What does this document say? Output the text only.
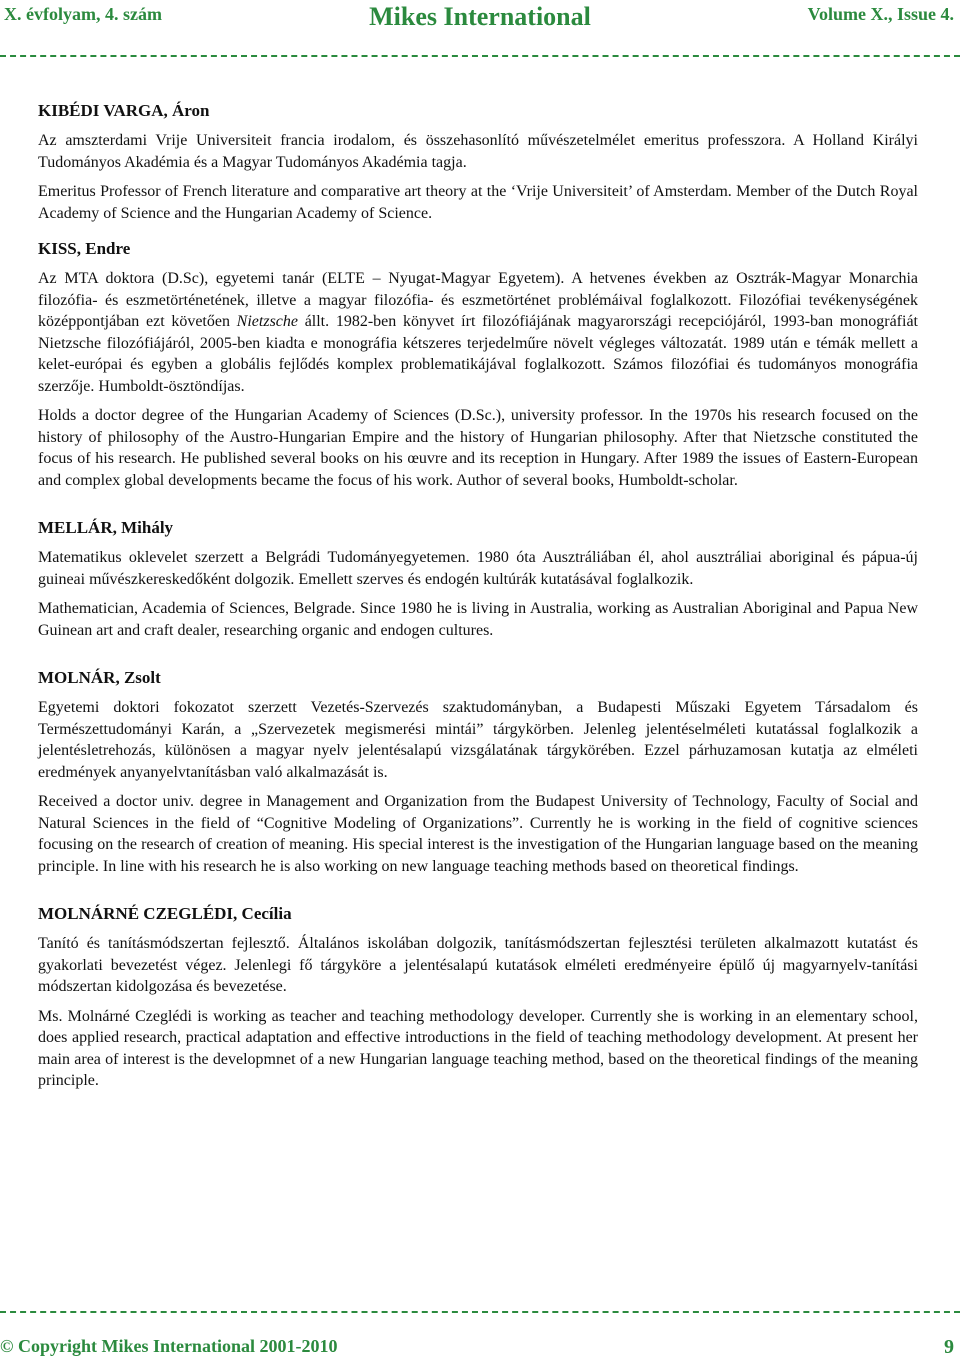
X. évfolyam, 4. szám	Mikes International	Volume X., Issue 4.

KIBÉDI VARGA, Áron

Az amszterdami Vrije Universiteit francia irodalom, és összehasonlító művészetelmélet emeritus professzora. A Holland Királyi Tudományos Akadémia és a Magyar Tudományos Akadémia tagja.

Emeritus Professor of French literature and comparative art theory at the ‘Vrije Universiteit’ of Amsterdam. Member of the Dutch Royal Academy of Science and the Hungarian Academy of Science.

KISS, Endre

Az MTA doktora (D.Sc), egyetemi tanár (ELTE – Nyugat-Magyar Egyetem). A hetvenes években az Osztrák-Magyar Monarchia filozófia- és eszmetörténetének, illetve a magyar filozófia- és eszmetörténet problémáival foglalkozott. Filozófiai tevékenységének középpontjában ezt követően Nietzsche állt. 1982-ben könyvet írt filozófiájának magyarországi recepciójáról, 1993-ban monográfiát Nietzsche filozófiájáról, 2005-ben kiadta e monográfia kétszeres terjedelműre növelt végleges változatát. 1989 után e témák mellett a kelet-európai és egyben a globális fejlődés komplex problematikájával foglalkozott. Számos filozófiai és tudományos monográfia szerzője. Humboldt-ösztöndíjas.

Holds a doctor degree of the Hungarian Academy of Sciences (D.Sc.), university professor. In the 1970s his research focused on the history of philosophy of the Austro-Hungarian Empire and the history of Hungarian philosophy. After that Nietzsche constituted the focus of his research. He published several books on his œuvre and its reception in Hungary. After 1989 the issues of Eastern-European and complex global developments became the focus of his work. Author of several books, Humboldt-scholar.

MELLÁR, Mihály

Matematikus oklevelet szerzett a Belgrádi Tudományegyetemen. 1980 óta Ausztráliában él, ahol ausztráliai aboriginal és pápua-új guineai művészkereskedőként dolgozik. Emellett szerves és endogén kultúrák kutatásával foglalkozik.

Mathematician, Academia of Sciences, Belgrade. Since 1980 he is living in Australia, working as Australian Aboriginal and Papua New Guinean art and craft dealer, researching organic and endogen cultures.

MOLNÁR, Zsolt

Egyetemi doktori fokozatot szerzett Vezetés-Szervezés szaktudományban, a Budapesti Műszaki Egyetem Társadalom és Természettudományi Karán, a „Szervezetek megismerési mintái” tárgykörben. Jelenleg jelentéselméleti kutatással foglalkozik a jelentésletrehozás, különösen a magyar nyelv jelentésalapú vizsgálatának tárgykörében. Ezzel párhuzamosan kutatja az elméleti eredmények anyanyelvtanításban való alkalmazását is.

Received a doctor univ. degree in Management and Organization from the Budapest University of Technology, Faculty of Social and Natural Sciences in the field of “Cognitive Modeling of Organizations”. Currently he is working in the field of cognitive sciences focusing on the research of creation of meaning. His special interest is the investigation of the Hungarian language based on the meaning principle. In line with his research he is also working on new language teaching methods based on theoretical findings.

MOLNÁRNÉ CZEGLÉDI, Cecília

Tanító és tanításmódszertan fejlesztő. Általános iskolában dolgozik, tanításmódszertan fejlesztési területen alkalmazott kutatást és gyakorlati bevezetést végez. Jelenlegi fő tárgyköre a jelentésalapú kutatások elméleti eredményeire épülő új magyarnyelv-tanítási módszertan kidolgozása és bevezetése.

Ms. Molnárné Czeglédi is working as teacher and teaching methodology developer. Currently she is working in an elementary school, does applied research, practical adaptation and effective introductions in the field of teaching methodology development. At present her main area of interest is the developmnet of a new Hungarian language teaching method, based on the theoretical findings of the meaning principle.

© Copyright Mikes International 2001-2010	9
